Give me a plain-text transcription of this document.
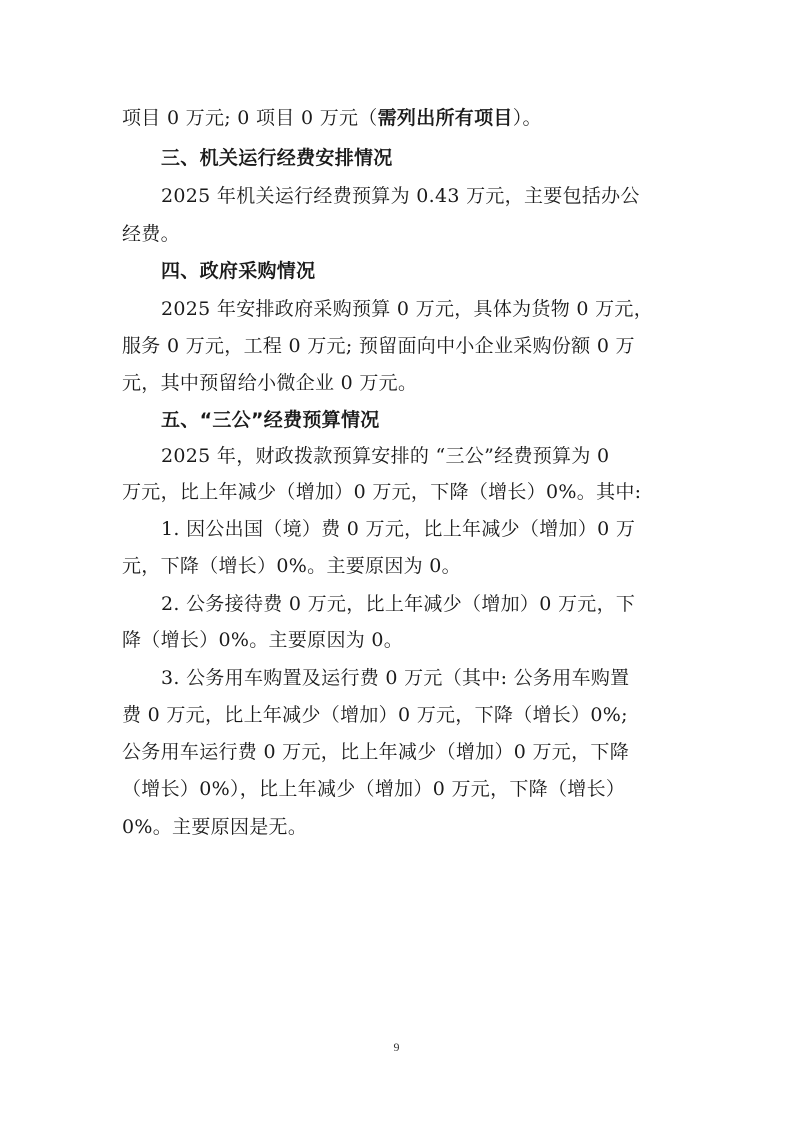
项目 0 万元; 0 项目 0 万元（需列出所有项目）。
三、机关运行经费安排情况
2025 年机关运行经费预算为 0.43 万元，主要包括办公
经费。
四、政府采购情况
2025 年安排政府采购预算 0 万元，具体为货物 0 万元，
服务 0 万元，工程 0 万元; 预留面向中小企业采购份额 0 万
元，其中预留给小微企业 0 万元。
五、“三公”经费预算情况
2025 年，财政拨款预算安排的 “三公”经费预算为 0
万元，比上年减少（增加）0 万元，下降（增长）0%。其中:
1. 因公出国（境）费 0 万元，比上年减少（增加）0 万
元，下降（增长）0%。主要原因为 0。
2. 公务接待费 0 万元，比上年减少（增加）0 万元，下
降（增长）0%。主要原因为 0。
3. 公务用车购置及运行费 0 万元（其中: 公务用车购置
费 0 万元，比上年减少（增加）0 万元，下降（增长）0%;
公务用车运行费 0 万元，比上年减少（增加）0 万元，下降
（增长）0%），比上年减少（增加）0 万元，下降（增长）
0%。主要原因是无。
9
